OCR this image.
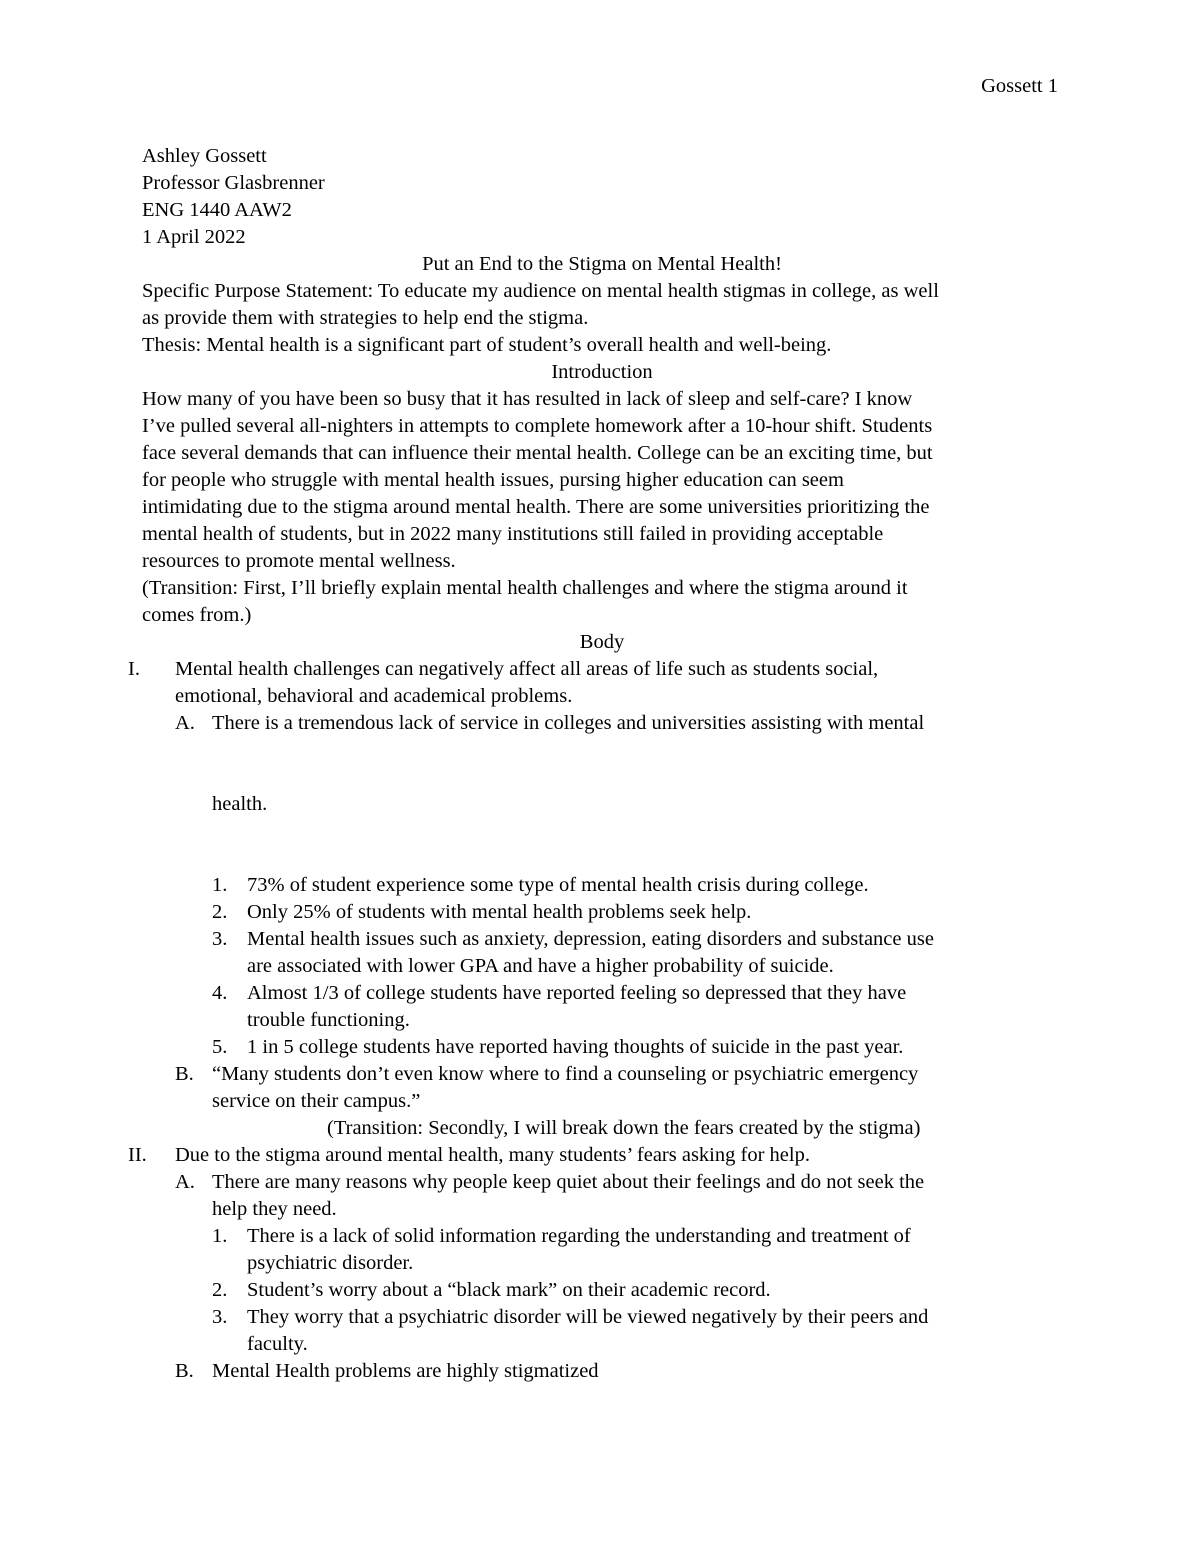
Gossett 1
Ashley Gossett
Professor Glasbrenner
ENG 1440 AAW2
1 April 2022
Put an End to the Stigma on Mental Health!
Specific Purpose Statement: To educate my audience on mental health stigmas in college, as well
as provide them with strategies to help end the stigma.
Thesis: Mental health is a significant part of student’s overall health and well-being.
Introduction
How many of you have been so busy that it has resulted in lack of sleep and self-care? I know
I’ve pulled several all-nighters in attempts to complete homework after a 10-hour shift. Students
face several demands that can influence their mental health. College can be an exciting time, but
for people who struggle with mental health issues, pursing higher education can seem
intimidating due to the stigma around mental health. There are some universities prioritizing the
mental health of students, but in 2022 many institutions still failed in providing acceptable
resources to promote mental wellness.
(Transition: First, I’ll briefly explain mental health challenges and where the stigma around it
comes from.)
Body
I. Mental health challenges can negatively affect all areas of life such as students social,
emotional, behavioral and academical problems.
A. There is a tremendous lack of service in colleges and universities assisting with mental
health.
1. 73% of student experience some type of mental health crisis during college.
2. Only 25% of students with mental health problems seek help.
3. Mental health issues such as anxiety, depression, eating disorders and substance use
are associated with lower GPA and have a higher probability of suicide.
4. Almost 1/3 of college students have reported feeling so depressed that they have
trouble functioning.
5. 1 in 5 college students have reported having thoughts of suicide in the past year.
B. “Many students don’t even know where to find a counseling or psychiatric emergency
service on their campus.”
(Transition: Secondly, I will break down the fears created by the stigma)
II. Due to the stigma around mental health, many students’ fears asking for help.
A. There are many reasons why people keep quiet about their feelings and do not seek the
help they need.
1. There is a lack of solid information regarding the understanding and treatment of
psychiatric disorder.
2. Student’s worry about a “black mark” on their academic record.
3. They worry that a psychiatric disorder will be viewed negatively by their peers and
faculty.
B. Mental Health problems are highly stigmatized
